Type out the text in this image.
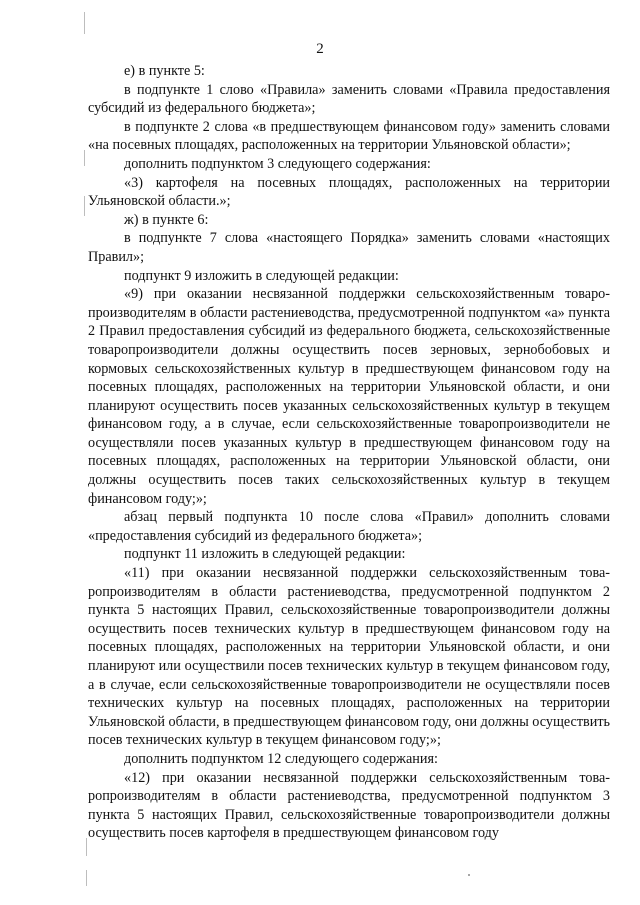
2

е) в пункте 5:

в подпункте 1 слово «Правила» заменить словами «Правила предоставления субсидий из федерального бюджета»;

в подпункте 2 слова «в предшествующем финансовом году» заменить словами «на посевных площадях, расположенных на территории Ульяновской области»;

дополнить подпунктом 3 следующего содержания:

«3) картофеля на посевных площадях, расположенных на территории Ульяновской области.»;

ж) в пункте 6:

в подпункте 7 слова «настоящего Порядка» заменить словами «настоящих Правил»;

подпункт 9 изложить в следующей редакции:

«9) при оказании несвязанной поддержки сельскохозяйственным товаропроизводителям в области растениеводства, предусмотренной подпунктом «а» пункта 2 Правил предоставления субсидий из федерального бюджета, сельскохозяйственные товаропроизводители должны осуществить посев зерновых, зернобобовых и кормовых сельскохозяйственных культур в предшествующем финансовом году на посевных площадях, расположенных на территории Ульяновской области, и они планируют осуществить посев указанных сельскохозяйственных культур в текущем финансовом году, а в случае, если сельскохозяйственные товаропроизводители не осуществляли посев указанных культур в предшествующем финансовом году на посевных площадях, расположенных на территории Ульяновской области, они должны осуществить посев таких сельскохозяйственных культур в текущем финансовом году;»;

абзац первый подпункта 10 после слова «Правил» дополнить словами «предоставления субсидий из федерального бюджета»;

подпункт 11 изложить в следующей редакции:

«11) при оказании несвязанной поддержки сельскохозяйственным товаропроизводителям в области растениеводства, предусмотренной подпунктом 2 пункта 5 настоящих Правил, сельскохозяйственные товаропроизводители должны осуществить посев технических культур в предшествующем финансовом году на посевных площадях, расположенных на территории Ульяновской области, и они планируют или осуществили посев технических культур в текущем финансовом году, а в случае, если сельскохозяйственные товаропроизводители не осуществляли посев технических культур на посевных площадях, расположенных на территории Ульяновской области, в предшествующем финансовом году, они должны осуществить посев технических культур в текущем финансовом году;»;

дополнить подпунктом 12 следующего содержания:

«12) при оказании несвязанной поддержки сельскохозяйственным товаропроизводителям в области растениеводства, предусмотренной подпунктом 3 пункта 5 настоящих Правил, сельскохозяйственные товаропроизводители должны осуществить посев картофеля в предшествующем финансовом году
